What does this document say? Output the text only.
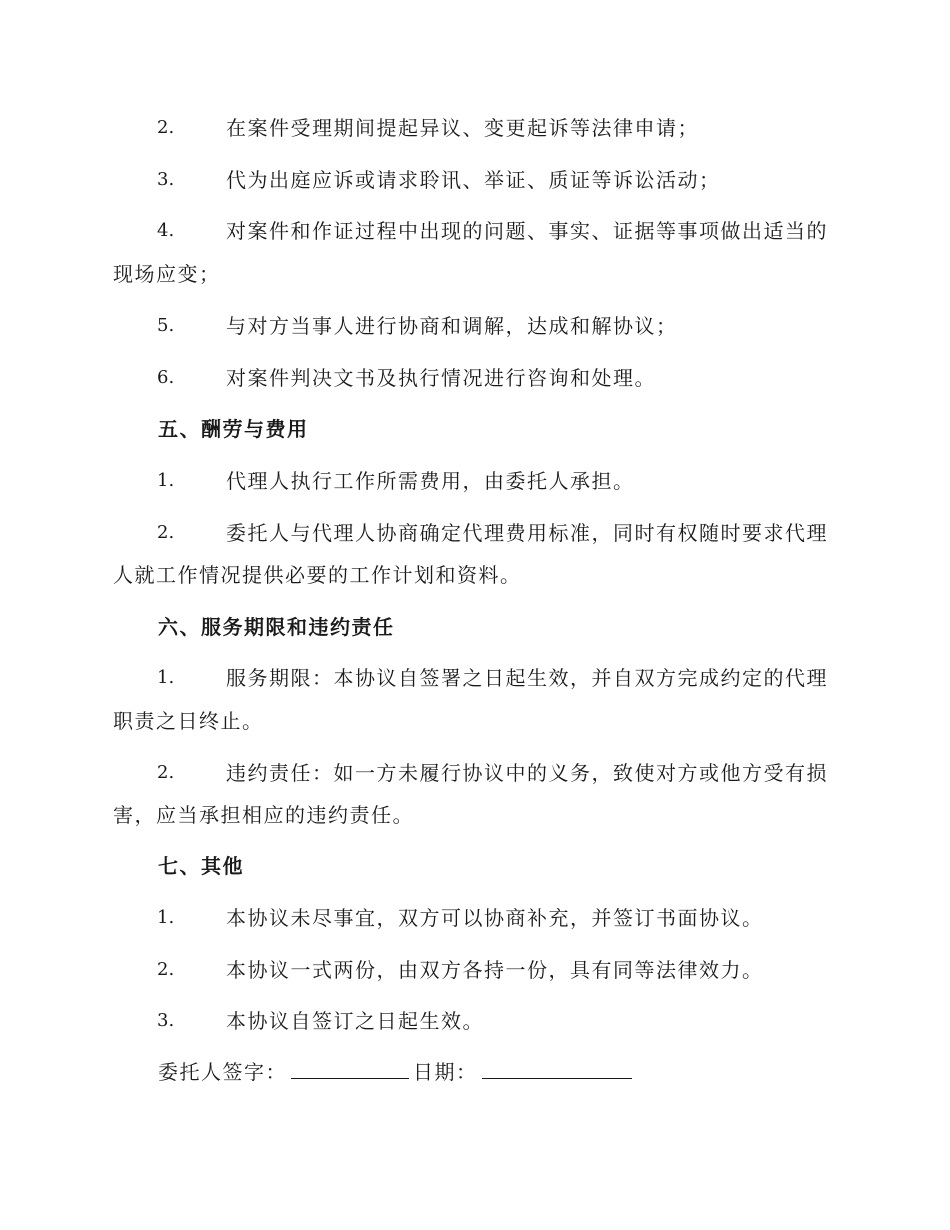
2.	在案件受理期间提起异议、变更起诉等法律申请；
3.	代为出庭应诉或请求聆讯、举证、质证等诉讼活动；
4.	对案件和作证过程中出现的问题、事实、证据等事项做出适当的
现场应变；
5.	与对方当事人进行协商和调解，达成和解协议；
6.	对案件判决文书及执行情况进行咨询和处理。
五、酬劳与费用
1.	代理人执行工作所需费用，由委托人承担。
2.	委托人与代理人协商确定代理费用标准，同时有权随时要求代理
人就工作情况提供必要的工作计划和资料。
六、服务期限和违约责任
1.	服务期限：本协议自签署之日起生效，并自双方完成约定的代理
职责之日终止。
2.	违约责任：如一方未履行协议中的义务，致使对方或他方受有损
害，应当承担相应的违约责任。
七、其他
1.	本协议未尽事宜，双方可以协商补充，并签订书面协议。
2.	本协议一式两份，由双方各持一份，具有同等法律效力。
3.	本协议自签订之日起生效。
委托人签字：	日期：
